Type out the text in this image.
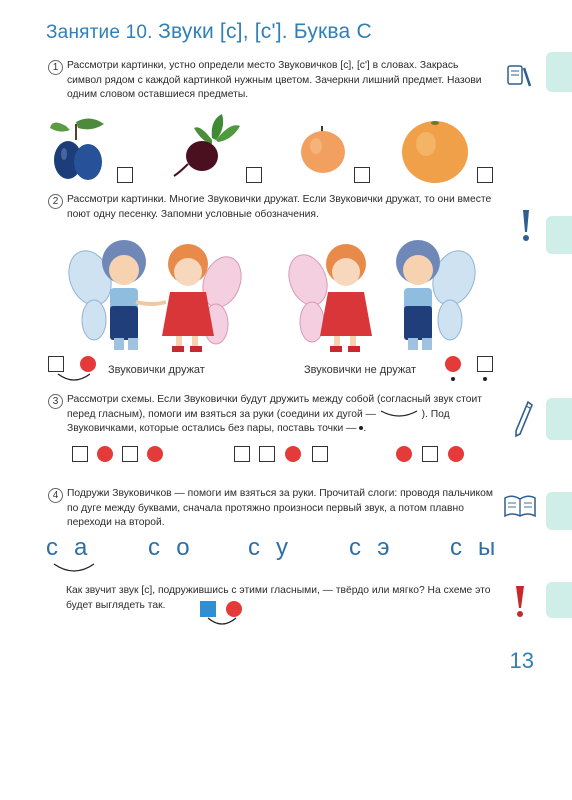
Занятие 10. Звуки [с], [с']. Буква С
1 Рассмотри картинки, устно определи место Звуковичков [с], [с'] в словах. Закрась символ рядом с каждой картинкой нужным цветом. Зачеркни лишний предмет. Назови одним словом оставшиеся предметы.
2 Рассмотри картинки. Многие Звуковички дружат. Если Звуковички дружат, то они вместе поют одну песенку. Запомни условные обозначения.
Звуковички дружат	Звуковички не дружат
3 Рассмотри схемы. Если Звуковички будут дружить между собой (согласный звук стоит перед гласным), помоги им взяться за руки (соедини их дугой —	). Под Звуковичками, которые остались без пары, поставь точки — .
4 Подружи Звуковичков — помоги им взяться за руки. Прочитай слоги: проводя пальчиком по дуге между буквами, сначала протяжно произноси первый звук, а потом плавно переходи на второй.
са со су сэ сы
Как звучит звук [с], подружившись с этими гласными, — твёрдо или мягко? На схеме это будет выглядеть так.
13
